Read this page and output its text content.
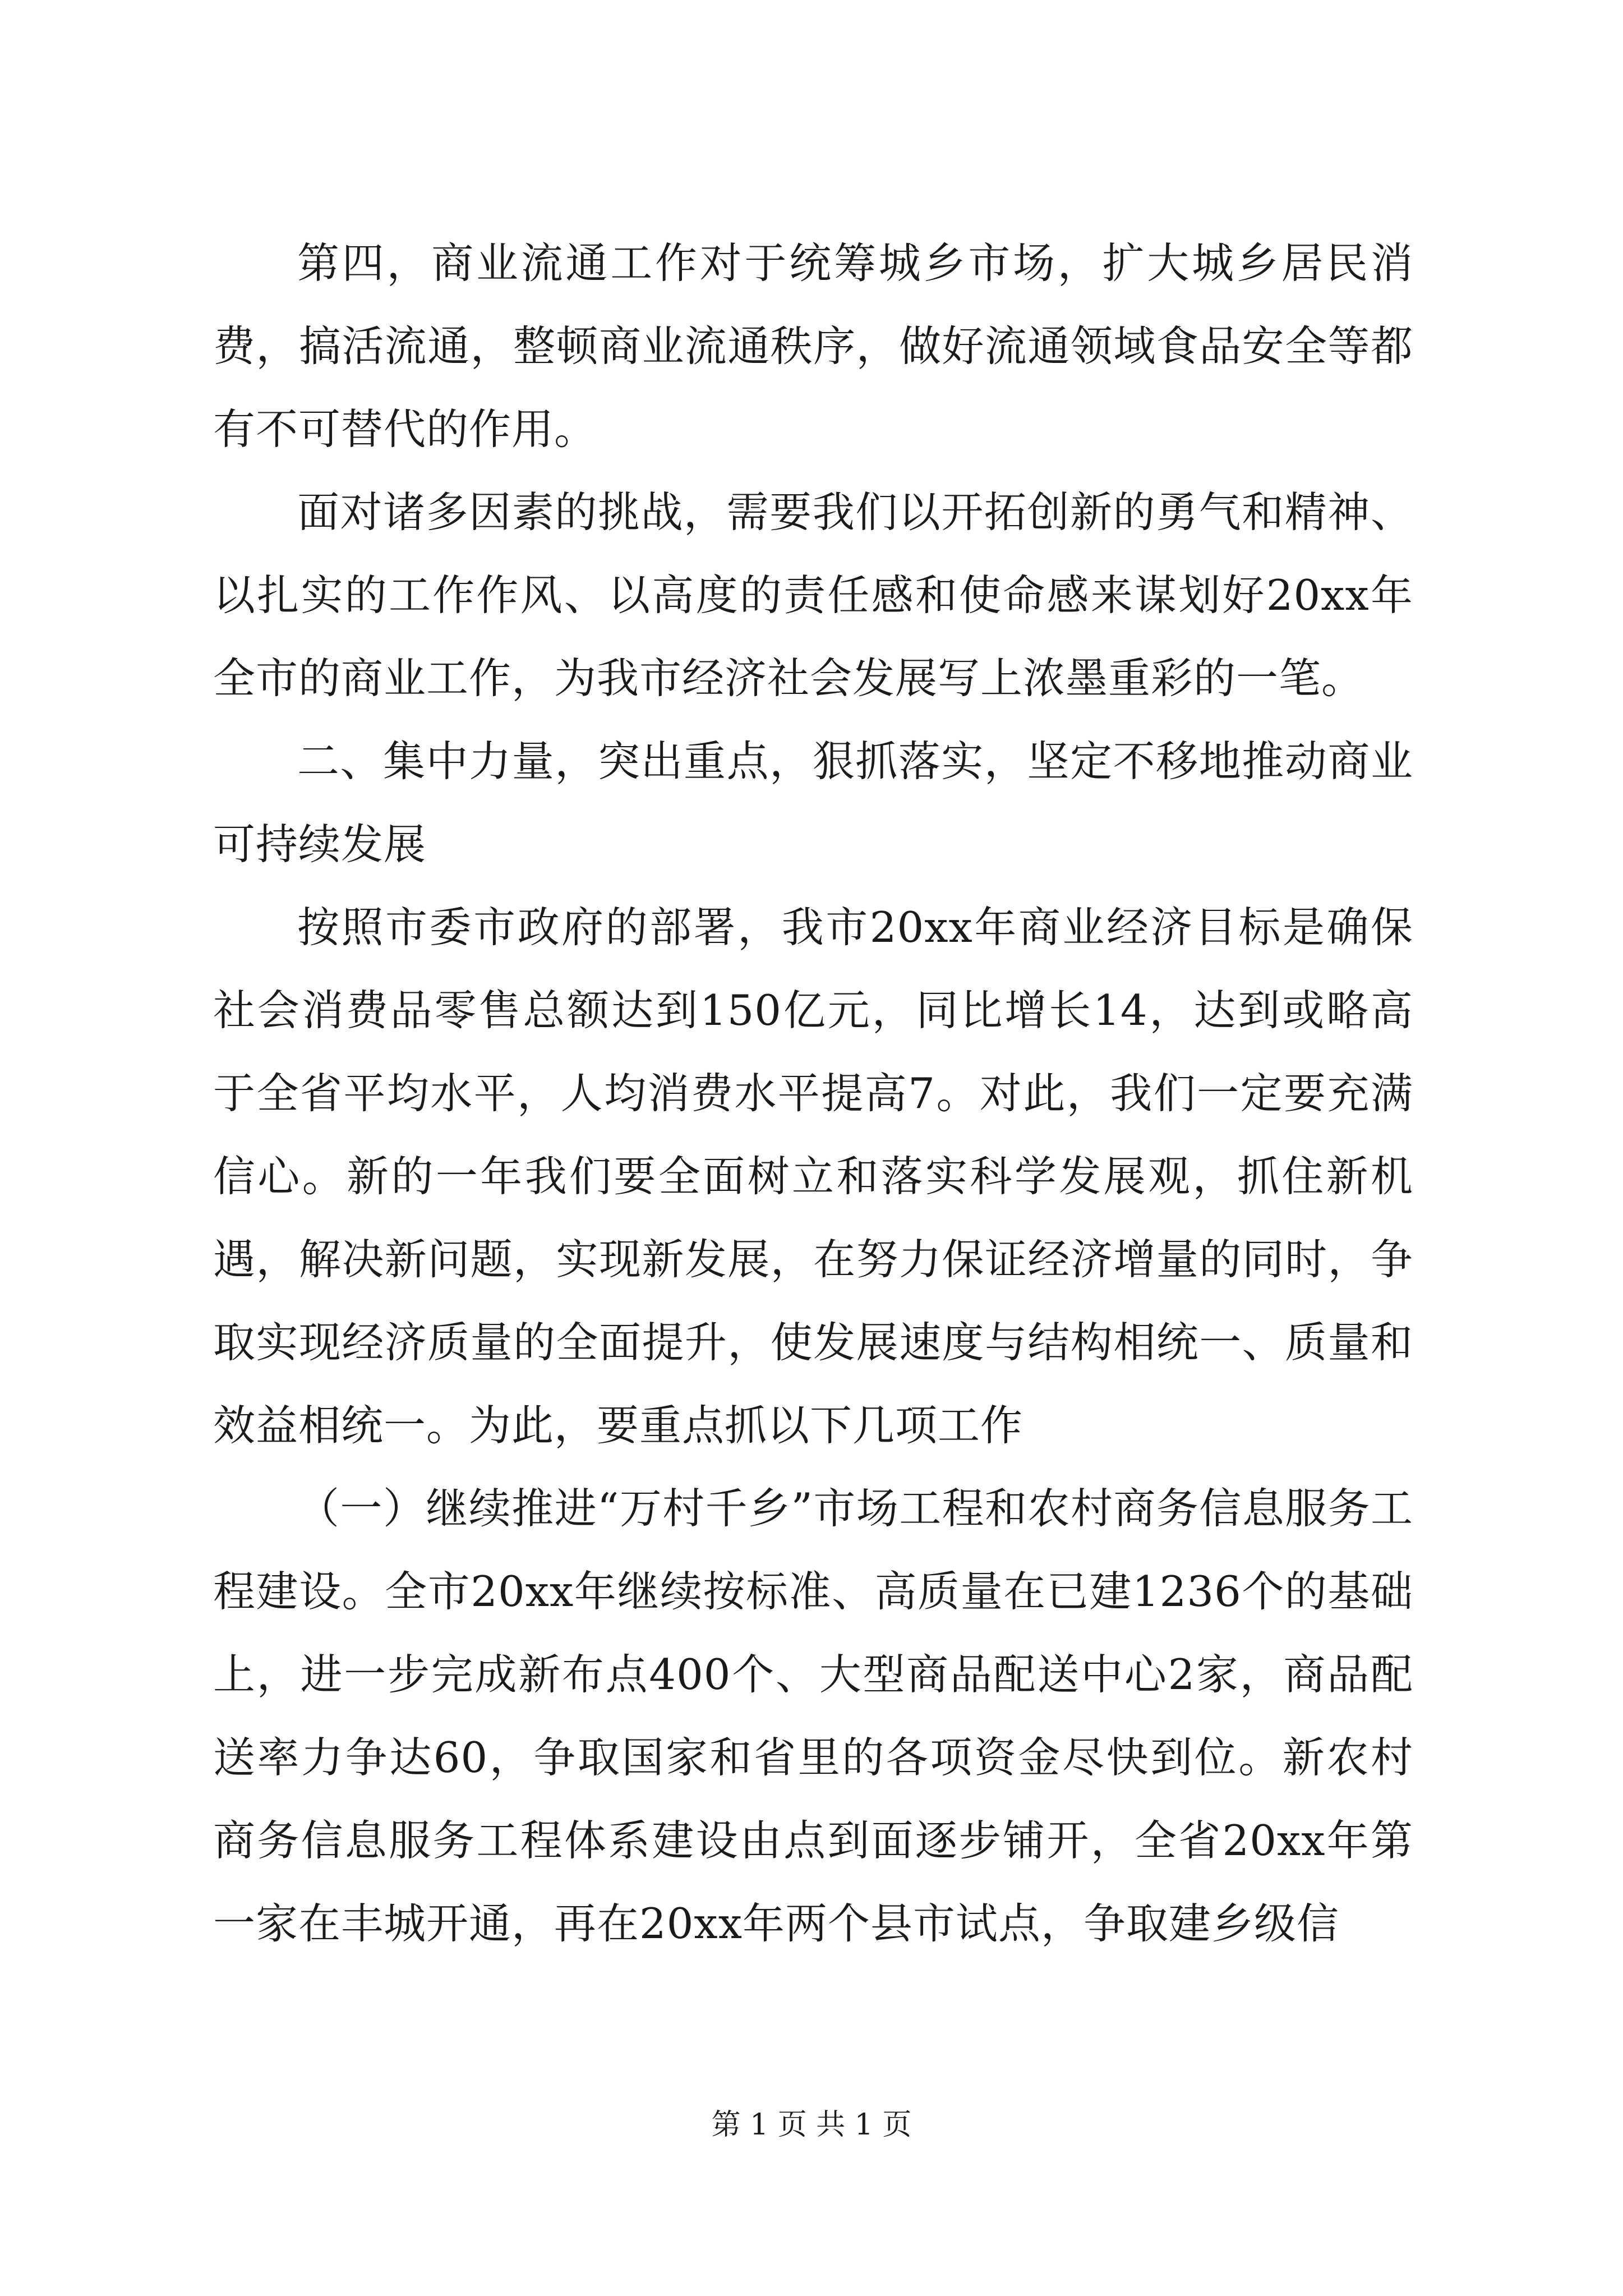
第四，商业流通工作对于统筹城乡市场，扩大城乡居民消费，搞活流通，整顿商业流通秩序，做好流通领域食品安全等都有不可替代的作用。

面对诸多因素的挑战，需要我们以开拓创新的勇气和精神、以扎实的工作作风、以高度的责任感和使命感来谋划好20xx年全市的商业工作，为我市经济社会发展写上浓墨重彩的一笔。

二、集中力量，突出重点，狠抓落实，坚定不移地推动商业可持续发展

按照市委市政府的部署，我市20xx年商业经济目标是确保社会消费品零售总额达到150亿元，同比增长14，达到或略高于全省平均水平，人均消费水平提高7。对此，我们一定要充满信心。新的一年我们要全面树立和落实科学发展观，抓住新机遇，解决新问题，实现新发展，在努力保证经济增量的同时，争取实现经济质量的全面提升，使发展速度与结构相统一、质量和效益相统一。为此，要重点抓以下几项工作

（一）继续推进“万村千乡”市场工程和农村商务信息服务工程建设。全市20xx年继续按标准、高质量在已建1236个的基础上，进一步完成新布点400个、大型商品配送中心2家，商品配送率力争达60，争取国家和省里的各项资金尽快到位。新农村商务信息服务工程体系建设由点到面逐步铺开，全省20xx年第一家在丰城开通，再在20xx年两个县市试点，争取建乡级信

第 1 页 共 1 页
